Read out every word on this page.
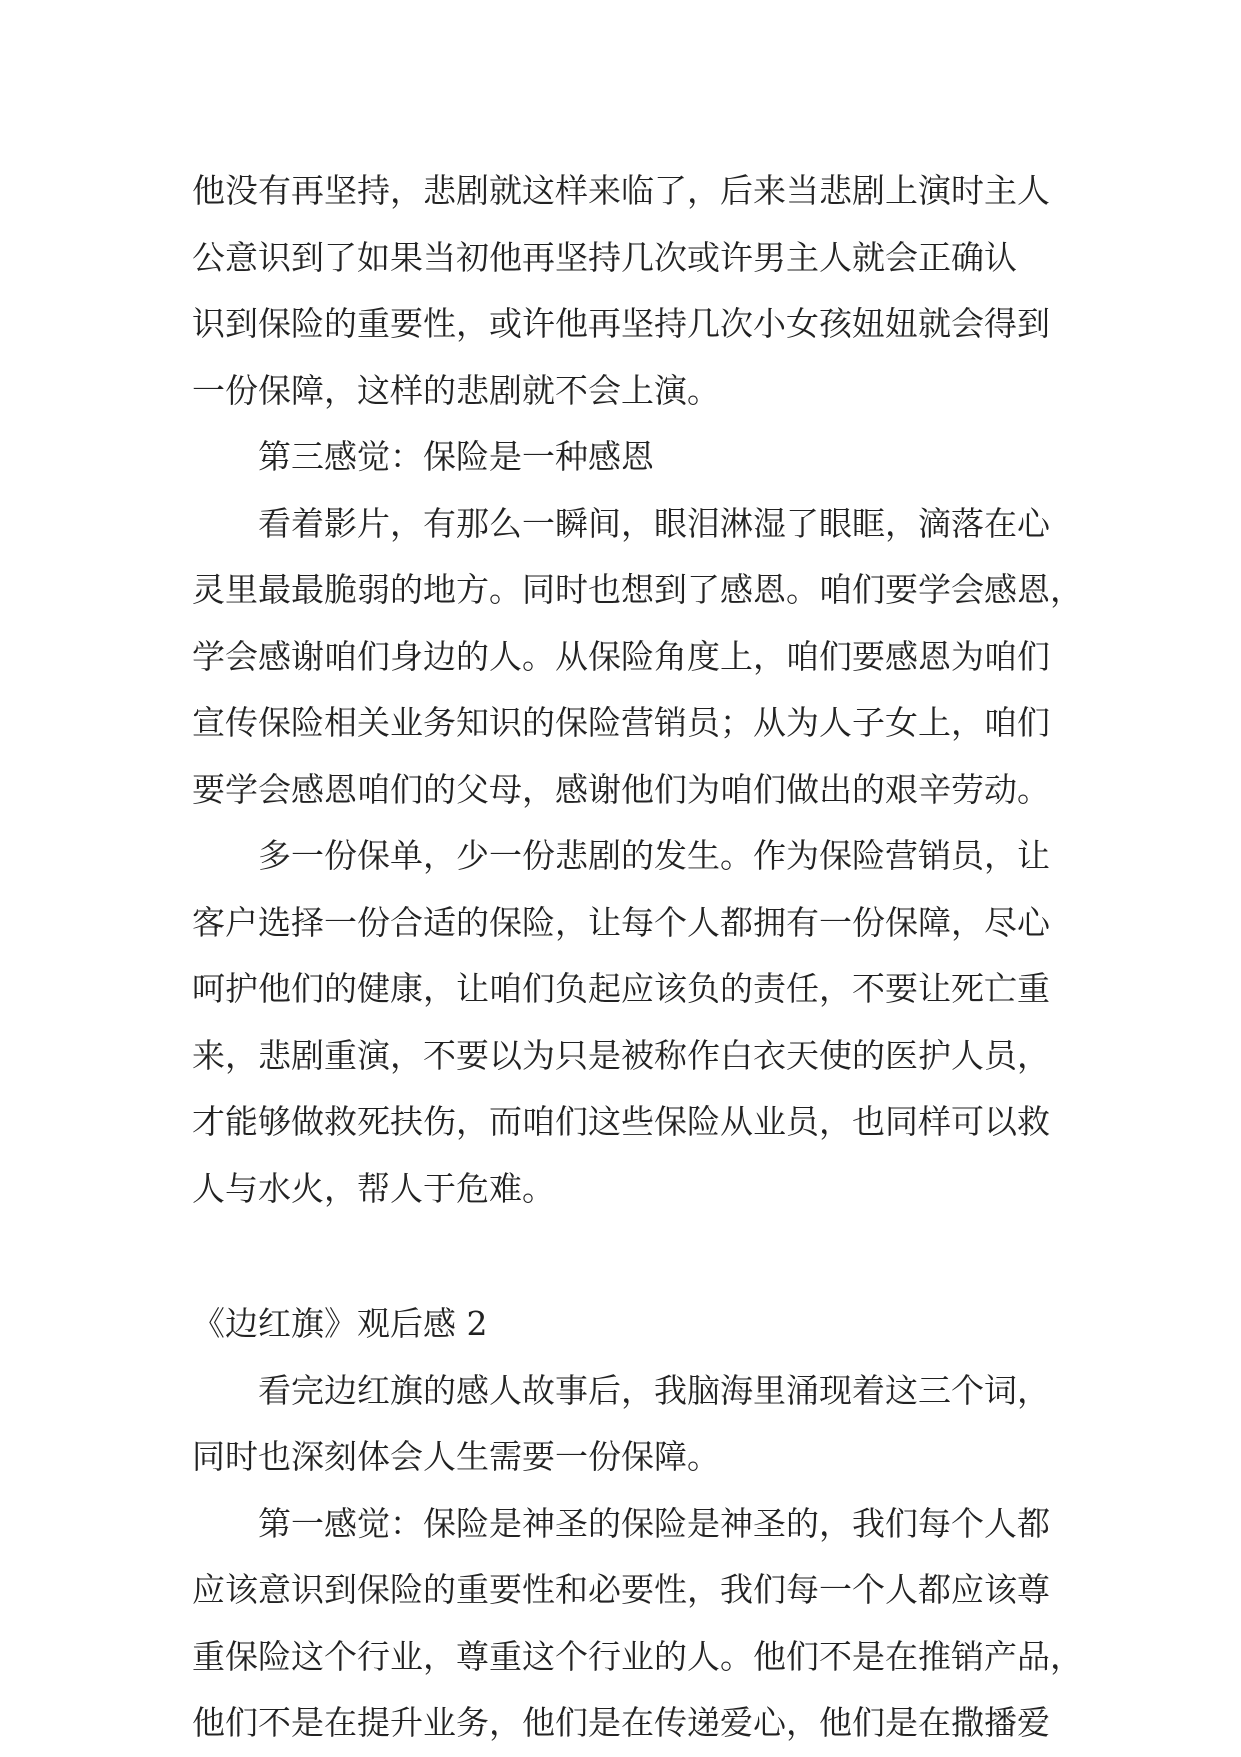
他没有再坚持，悲剧就这样来临了，后来当悲剧上演时主人
公意识到了如果当初他再坚持几次或许男主人就会正确认
识到保险的重要性，或许他再坚持几次小女孩妞妞就会得到
一份保障，这样的悲剧就不会上演。
第三感觉：保险是一种感恩
看着影片，有那么一瞬间，眼泪淋湿了眼眶，滴落在心
灵里最最脆弱的地方。同时也想到了感恩。咱们要学会感恩，
学会感谢咱们身边的人。从保险角度上，咱们要感恩为咱们
宣传保险相关业务知识的保险营销员；从为人子女上，咱们
要学会感恩咱们的父母，感谢他们为咱们做出的艰辛劳动。
多一份保单，少一份悲剧的发生。作为保险营销员，让
客户选择一份合适的保险，让每个人都拥有一份保障，尽心
呵护他们的健康，让咱们负起应该负的责任，不要让死亡重
来，悲剧重演，不要以为只是被称作白衣天使的医护人员，
才能够做救死扶伤，而咱们这些保险从业员，也同样可以救
人与水火，帮人于危难。
《边红旗》观后感 2
看完边红旗的感人故事后，我脑海里涌现着这三个词，
同时也深刻体会人生需要一份保障。
第一感觉：保险是神圣的保险是神圣的，我们每个人都
应该意识到保险的重要性和必要性，我们每一个人都应该尊
重保险这个行业，尊重这个行业的人。他们不是在推销产品，
他们不是在提升业务，他们是在传递爱心，他们是在撒播爱
